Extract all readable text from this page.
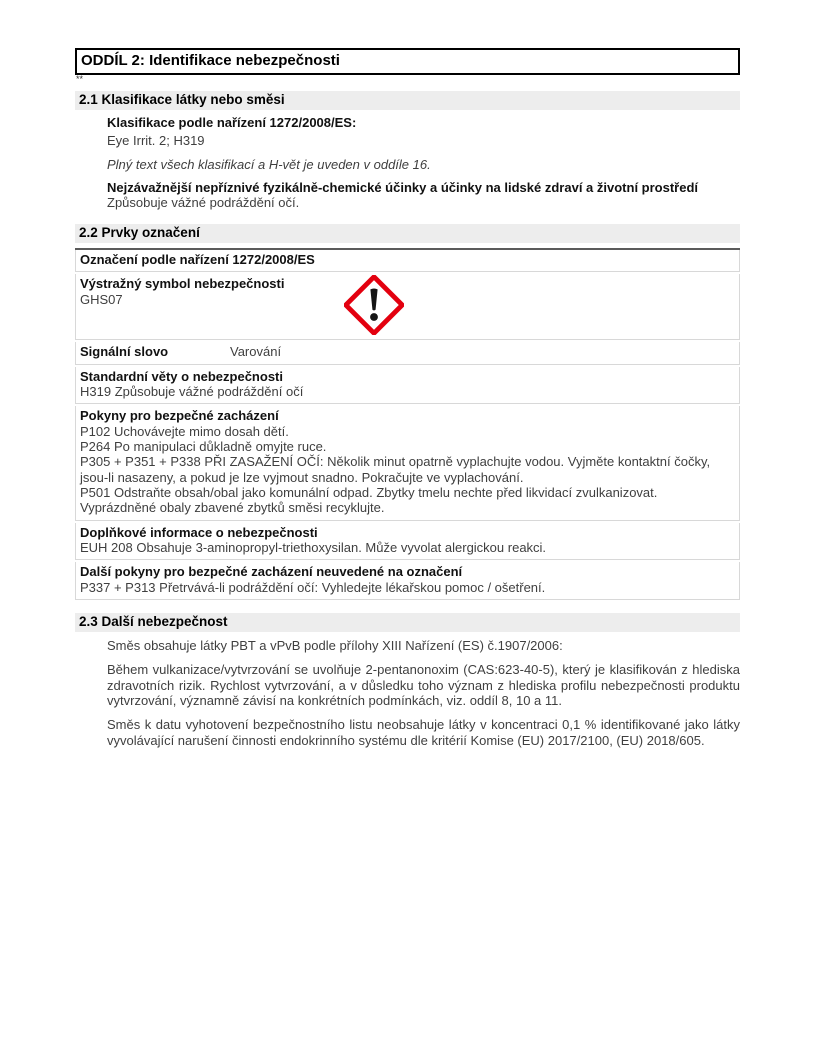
ODDÍL 2: Identifikace nebezpečnosti
**
2.1 Klasifikace látky nebo směsi
Klasifikace podle nařízení 1272/2008/ES:
Eye Irrit. 2; H319
Plný text všech klasifikací a H-vět je uveden v oddíle 16.
Nejzávažnější nepříznivé fyzikálně-chemické účinky a účinky na lidské zdraví a životní prostředí
Způsobuje vážné podráždění očí.
2.2 Prvky označení
Označení podle nařízení 1272/2008/ES
Výstražný symbol nebezpečnosti
GHS07
Signální slovo	Varování
Standardní věty o nebezpečnosti
H319 Způsobuje vážné podráždění očí
Pokyny pro bezpečné zacházení
P102 Uchovávejte mimo dosah dětí.
P264 Po manipulaci důkladně omyjte ruce.
P305 + P351 + P338 PŘI ZASAŽENÍ OČÍ: Několik minut opatrně vyplachujte vodou. Vyjměte kontaktní čočky, jsou-li nasazeny, a pokud je lze vyjmout snadno. Pokračujte ve vyplachování.
P501 Odstraňte obsah/obal jako komunální odpad. Zbytky tmelu nechte před likvidací zvulkanizovat. Vyprázdněné obaly zbavené zbytků směsi recyklujte.
Doplňkové informace o nebezpečnosti
EUH 208 Obsahuje 3-aminopropyl-triethoxysilan. Může vyvolat alergickou reakci.
Další pokyny pro bezpečné zacházení neuvedené na označení
P337 + P313 Přetrvává-li podráždění očí: Vyhledejte lékařskou pomoc / ošetření.
2.3 Další nebezpečnost
Směs obsahuje látky PBT a vPvB podle přílohy XIII Nařízení (ES) č.1907/2006:
Během vulkanizace/vytvrzování se uvolňuje 2-pentanonoxim (CAS:623-40-5), který je klasifikován z hlediska zdravotních rizik. Rychlost vytvrzování, a v důsledku toho význam z hlediska profilu nebezpečnosti produktu vytvrzování, významně závisí na konkrétních podmínkách, viz. oddíl 8, 10 a 11.
Směs k datu vyhotovení bezpečnostního listu neobsahuje látky v koncentraci 0,1 % identifikované jako látky vyvolávající narušení činnosti endokrinního systému dle kritérií Komise (EU) 2017/2100, (EU) 2018/605.
